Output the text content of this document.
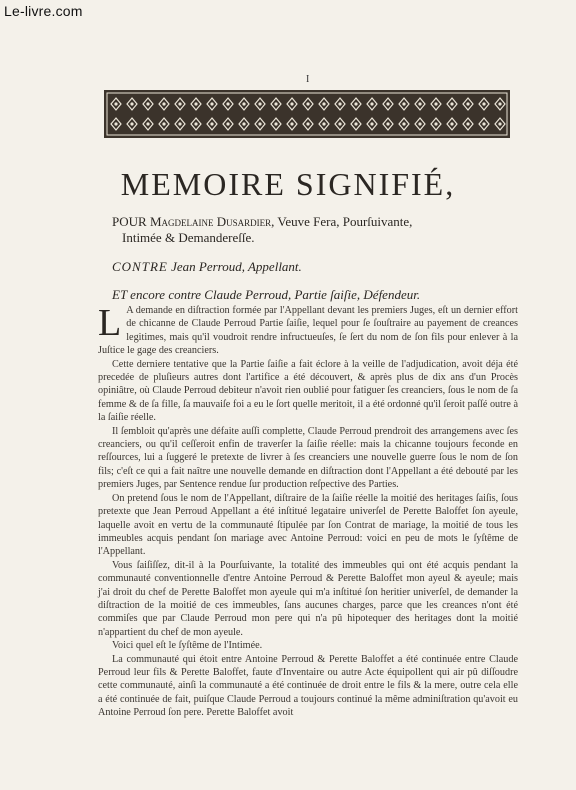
Le-livre.com
I
MEMOIRE SIGNIFIÉ,
POUR Magdelaine Dusardier, Veuve Fera, Pourſuivante,
Intimée & Demandereſſe.
CONTRE Jean Perroud, Appellant.
ET encore contre Claude Perroud, Partie ſaiſie, Défendeur.

L A demande en diſtraction formée par l'Appellant devant les premiers Juges, eſt un dernier effort de chicanne de Claude Perroud Partie ſaiſie, lequel pour ſe ſouſtraire au payement de creances legitimes, mais qu'il voudroit rendre infructueuſes, ſe ſert du nom de ſon fils pour enlever à la Juſtice le gage des creanciers.

Cette derniere tentative que la Partie ſaiſie a fait éclore à la veille de l'adjudication, avoit déja été precedée de pluſieurs autres dont l'artifice a été découvert, & après plus de dix ans d'un Procès opiniâtre, où Claude Perroud debiteur n'avoit rien oublié pour fatiguer ſes creanciers, ſous le nom de ſa femme & de ſa fille, ſa mauvaiſe foi a eu le ſort quelle meritoit, il a été ordonné qu'il ſeroit paſſé outre à la ſaiſie réelle.

Il ſembloit qu'après une défaite auſſi complette, Claude Perroud prendroit des arrangemens avec ſes creanciers, ou qu'il ceſſeroit enfin de traverſer la ſaiſie réelle: mais la chicanne toujours feconde en reſſources, lui a ſuggeré le pretexte de livrer à ſes creanciers une nouvelle guerre ſous le nom de ſon fils; c'eſt ce qui a fait naître une nouvelle demande en diſtraction dont l'Appellant a été debouté par les premiers Juges, par Sentence rendue ſur production reſpective des Parties.

On pretend ſous le nom de l'Appellant, diſtraire de la ſaiſie réelle la moitié des heritages ſaiſis, ſous pretexte que Jean Perroud Appellant a été inſtitué legataire univerſel de Perette Baloffet ſon ayeule, laquelle avoit en vertu de la communauté ſtipulée par ſon Contrat de mariage, la moitié de tous les immeubles acquis pendant ſon mariage avec Antoine Perroud: voici en peu de mots le ſyſtême de l'Appellant.

Vous ſaiſiſſez, dit-il à la Pourſuivante, la totalité des immeubles qui ont été acquis pendant la communauté conventionnelle d'entre Antoine Perroud & Perette Baloffet mon ayeul & ayeule; mais j'ai droit du chef de Perette Baloffet mon ayeule qui m'a inſtitué ſon heritier univerſel, de demander la diſtraction de la moitié de ces immeubles, ſans aucunes charges, parce que les creances n'ont été commiſes que par Claude Perroud mon pere qui n'a pû hipotequer des heritages dont la moitié n'appartient du chef de mon ayeule.

Voici quel eſt le ſyſtême de l'Intimée.

La communauté qui étoit entre Antoine Perroud & Perette Baloffet a été continuée entre Claude Perroud leur fils & Perette Baloffet, faute d'Inventaire ou autre Acte équipollent qui air pû diſſoudre cette communauté, ainſi la communauté a été continuée de droit entre le fils & la mere, outre cela elle a été continuée de fait, puiſque Claude Perroud a toujours continué la même adminiſtration qu'avoit eu Antoine Perroud ſon pere. Perette Baloffet avoit
